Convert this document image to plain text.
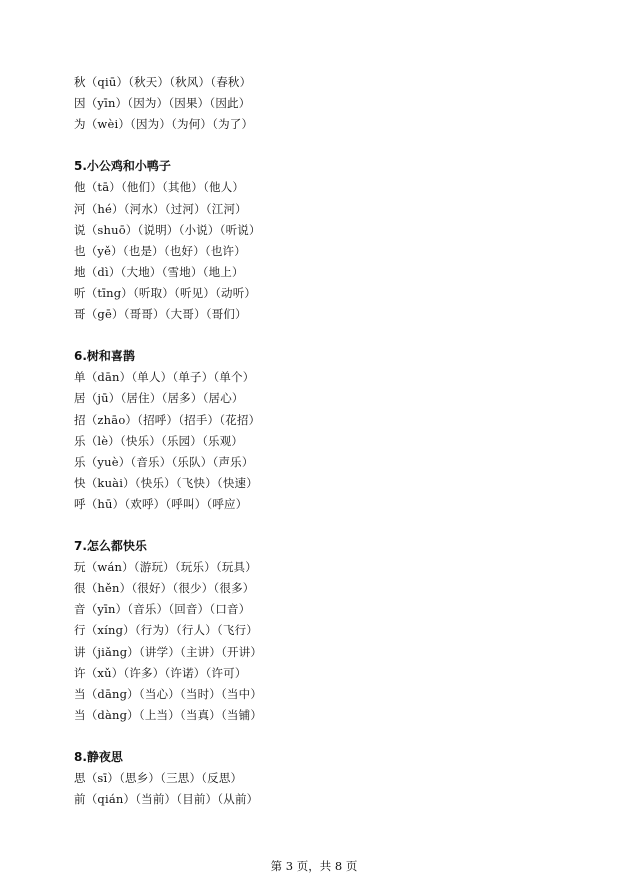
秋（qiū）（秋天）（秋风）（春秋）
因（yīn）（因为）（因果）（因此）
为（wèi）（因为）（为何）（为了）
5.小公鸡和小鸭子
他（tā）（他们）（其他）（他人）
河（hé）（河水）（过河）（江河）
说（shuō）（说明）（小说）（听说）
也（yě）（也是）（也好）（也许）
地（dì）（大地）（雪地）（地上）
听（tīng）（听取）（听见）（动听）
哥（gē）（哥哥）（大哥）（哥们）
6.树和喜鹊
单（dān）（单人）（单子）（单个）
居（jū）（居住）（居多）（居心）
招（zhāo）（招呼）（招手）（花招）
乐（lè）（快乐）（乐园）（乐观）
乐（yuè）（音乐）（乐队）（声乐）
快（kuài）（快乐）（飞快）（快速）
呼（hū）（欢呼）（呼叫）（呼应）
7.怎么都快乐
玩（wán）（游玩）（玩乐）（玩具）
很（hěn）（很好）（很少）（很多）
音（yīn）（音乐）（回音）（口音）
行（xíng）（行为）（行人）（飞行）
讲（jiǎng）（讲学）（主讲）（开讲）
许（xǔ）（许多）（许诺）（许可）
当（dāng）（当心）（当时）（当中）
当（dàng）（上当）（当真）（当铺）
8.静夜思
思（sī）（思乡）（三思）（反思）
前（qián）（当前）（目前）（从前）
第 3 页，共 8 页
